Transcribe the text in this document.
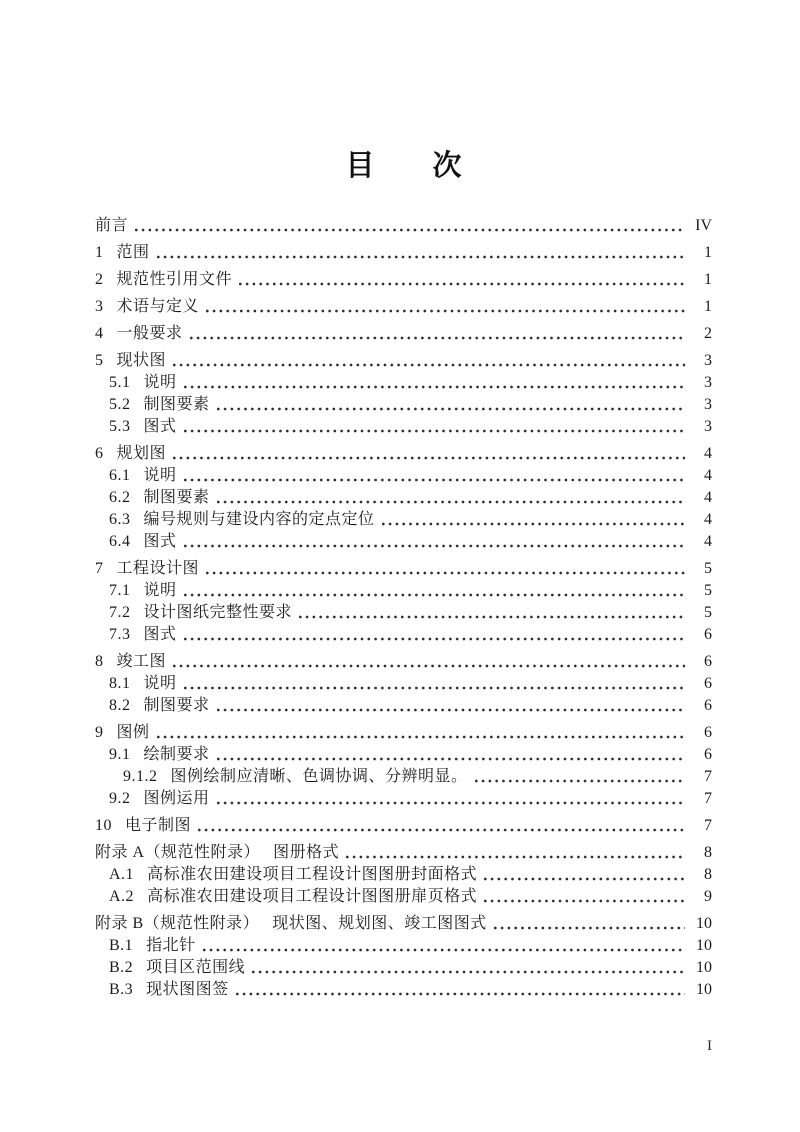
目　　次
前言	IV
1 范围	1
2 规范性引用文件	1
3 术语与定义	1
4 一般要求	2
5 现状图	3
5.1 说明	3
5.2 制图要素	3
5.3 图式	3
6 规划图	4
6.1 说明	4
6.2 制图要素	4
6.3 编号规则与建设内容的定点定位	4
6.4 图式	4
7 工程设计图	5
7.1 说明	5
7.2 设计图纸完整性要求	5
7.3 图式	6
8 竣工图	6
8.1 说明	6
8.2 制图要求	6
9 图例	6
9.1 绘制要求	6
9.1.2 图例绘制应清晰、色调协调、分辨明显。	7
9.2 图例运用	7
10 电子制图	7
附录 A（规范性附录） 图册格式	8
A.1 高标准农田建设项目工程设计图图册封面格式	8
A.2 高标准农田建设项目工程设计图图册扉页格式	9
附录 B（规范性附录） 现状图、规划图、竣工图图式	10
B.1 指北针	10
B.2 项目区范围线	10
B.3 现状图图签	10
I
